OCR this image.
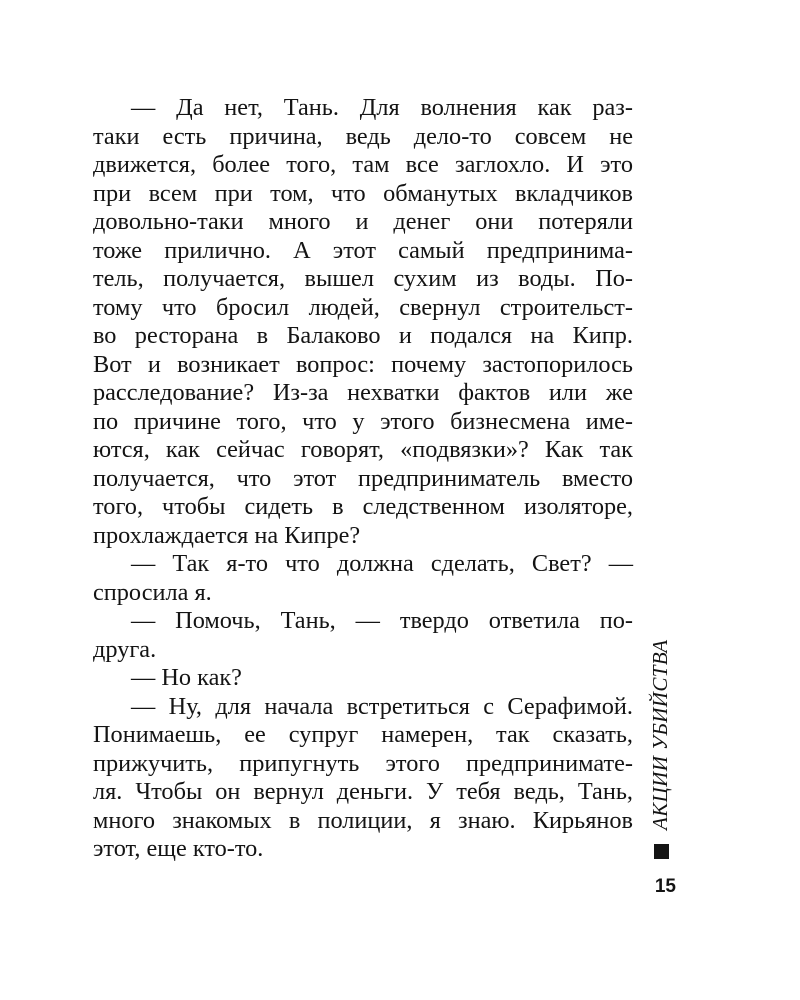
— Да нет, Тань. Для волнения как раз-
таки есть причина, ведь дело-то совсем не
движется, более того, там все заглохло. И это
при всем при том, что обманутых вкладчиков
довольно-таки много и денег они потеряли
тоже прилично. А этот самый предпринима-
тель, получается, вышел сухим из воды. По-
тому что бросил людей, свернул строительст-
во ресторана в Балаково и подался на Кипр.
Вот и возникает вопрос: почему застопорилось
расследование? Из-за нехватки фактов или же
по причине того, что у этого бизнесмена име-
ются, как сейчас говорят, «подвязки»? Как так
получается, что этот предприниматель вместо
того, чтобы сидеть в следственном изоляторе,
прохлаждается на Кипре?
— Так я-то что должна сделать, Свет? —
спросила я.
— Помочь, Тань, — твердо ответила по-
друга.
— Но как?
— Ну, для начала встретиться с Серафимой.
Понимаешь, ее супруг намерен, так сказать,
прижучить, припугнуть этого предпринимате-
ля. Чтобы он вернул деньги. У тебя ведь, Тань,
много знакомых в полиции, я знаю. Кирьянов
этот, еще кто-то.
АКЦИИ УБИЙСТВА
15
